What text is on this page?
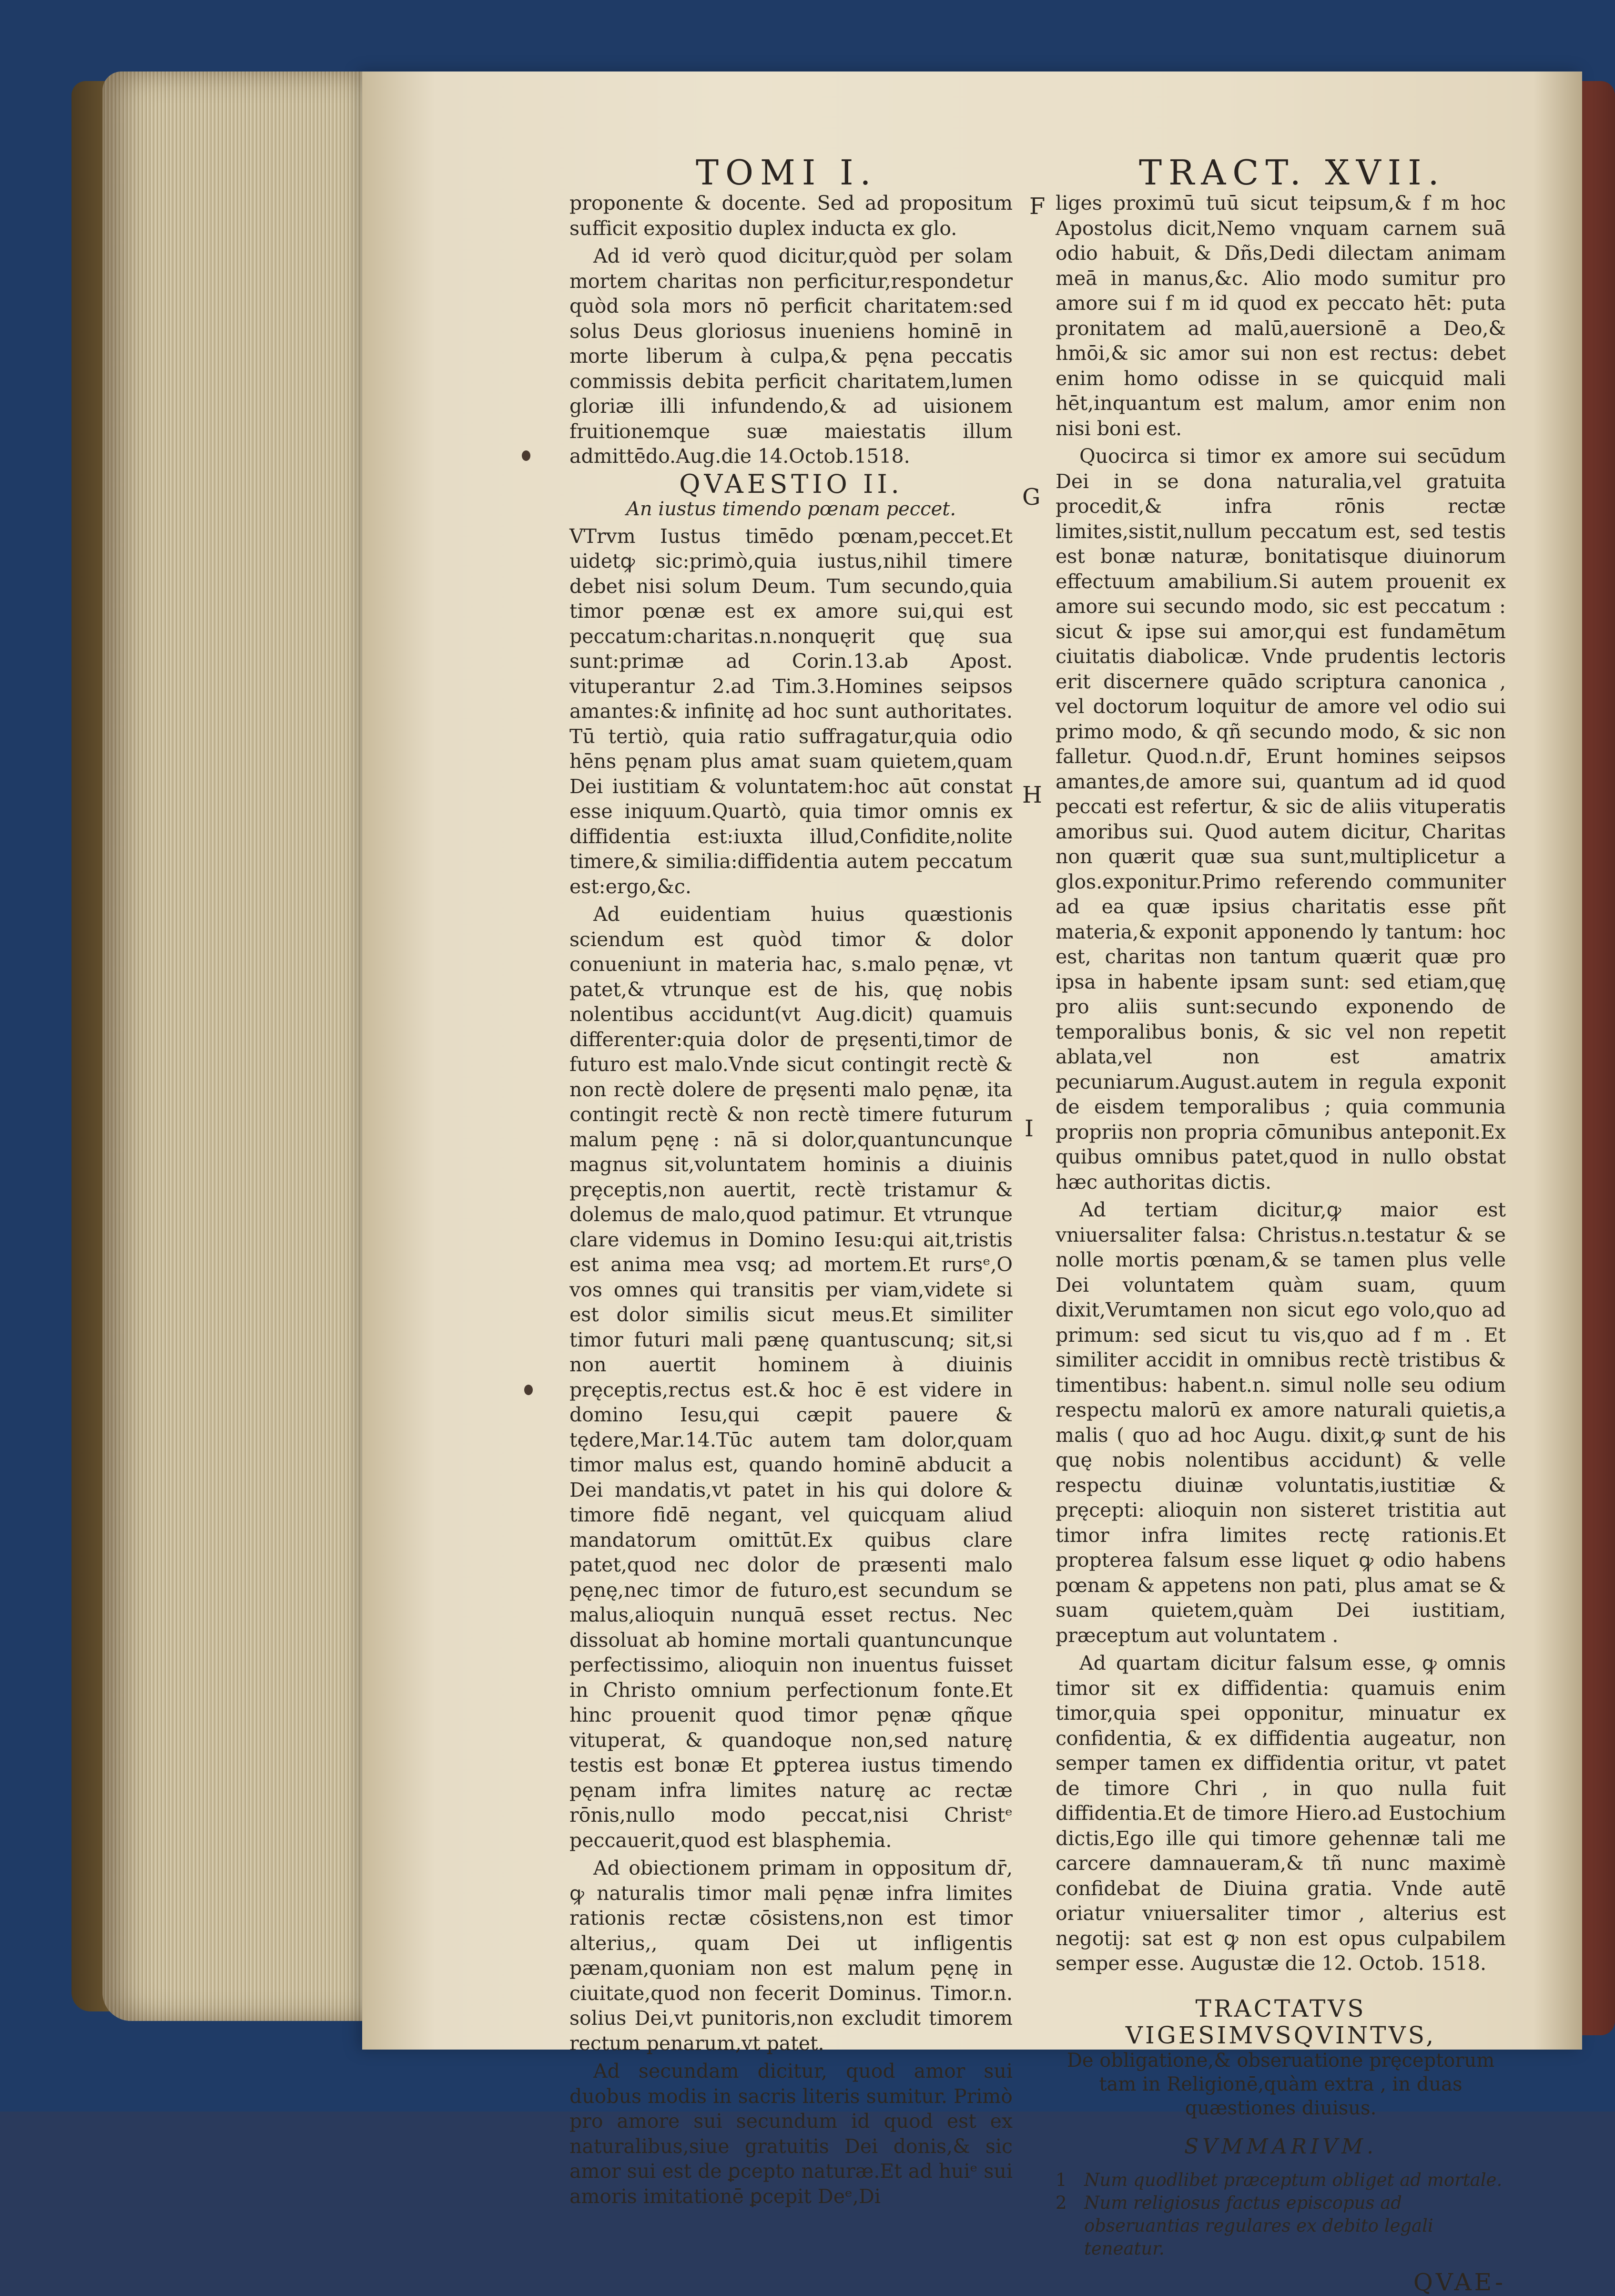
TOMI I.	TRACT. XVII.

proponente & docente. Sed ad propositum sufficit expositio duplex inducta ex glo.

Ad id verò quod dicitur,quòd per solam mortem charitas non perficitur,respondetur quòd sola mors nō perficit charitatem:sed solus Deus gloriosus inueniens hominē in morte liberum à culpa,& pęna peccatis commissis debita perficit charitatem,lumen gloriæ illi infundendo,& ad uisionem fruitionemque suæ maiestatis illum admittēdo.Aug.die 14.Octob.1518.

QVAESTIO II.
An iustus timendo pœnam peccet.

VTrvm Iustus timēdo pœnam,peccet.Et uidetꝙ sic:primò,quia iustus,nihil timere debet nisi solum Deum. Tum secundo,quia timor pœnæ est ex amore sui,qui est peccatum:charitas.n.nonquęrit quę sua sunt:primæ ad Corin.13.ab Apost. vituperantur 2.ad Tim.3.Homines seipsos amantes:& infinitę ad hoc sunt authoritates. Tū tertiò, quia ratio suffragatur,quia odio hēns pęnam plus amat suam quietem,quam Dei iustitiam & voluntatem:hoc aūt constat esse iniquum.Quartò, quia timor omnis ex diffidentia est:iuxta illud,Confidite,nolite timere,& similia:diffidentia autem peccatum est:ergo,&c.

Ad euidentiam huius quæstionis sciendum est quòd timor & dolor conueniunt in materia hac, s.malo pęnæ, vt patet,& vtrunque est de his, quę nobis nolentibus accidunt(vt Aug.dicit) quamuis differenter:quia dolor de pręsenti,timor de futuro est malo.Vnde sicut contingit rectè & non rectè dolere de pręsenti malo pęnæ, ita contingit rectè & non rectè timere futurum malum pęnę : nā si dolor,quantuncunque magnus sit,voluntatem hominis a diuinis pręceptis,non auertit, rectè tristamur & dolemus de malo,quod patimur. Et vtrunque clare videmus in Domino Iesu:qui ait,tristis est anima mea vsq; ad mortem.Et rursᵉ,O vos omnes qui transitis per viam,videte si est dolor similis sicut meus.Et similiter timor futuri mali pænę quantuscunq; sit,si non auertit hominem à diuinis pręceptis,rectus est.& hoc ē est videre in domino Iesu,qui cæpit pauere & tędere,Mar.14.Tūc autem tam dolor,quam timor malus est, quando hominē abducit a Dei mandatis,vt patet in his qui dolore & timore fidē negant, vel quicquam aliud mandatorum omittūt.Ex quibus clare patet,quod nec dolor de præsenti malo pęnę,nec timor de futuro,est secundum se malus,alioquin nunquā esset rectus. Nec dissoluat ab homine mortali quantuncunque perfectissimo, alioquin non inuentus fuisset in Christo omnium perfectionum fonte.Et hinc prouenit quod timor pęnæ qñque vituperat, & quandoque non,sed naturę testis est bonæ Et ꝑpterea iustus timendo pęnam infra limites naturę ac rectæ rōnis,nullo modo peccat,nisi Christᵉ peccauerit,quod est blasphemia.

Ad obiectionem primam in oppositum dr̄, ꝙ naturalis timor mali pęnæ infra limites rationis rectæ cōsistens,non est timor alterius,, quam Dei ut infligentis pænam,quoniam non est malum pęnę in ciuitate,quod non fecerit Dominus. Timor.n. solius Dei,vt punitoris,non excludit timorem rectum penarum,vt patet.

Ad secundam dicitur, quod amor sui duobus modis in sacris literis sumitur. Primò pro amore sui secundum id quod est ex naturalibus,siue gratuitis Dei donis,& sic amor sui est de ꝑcepto naturæ.Et ad huiᵉ sui amoris imitationē ꝑcepit Deᵉ,Di

F
G
H
I

liges proximū tuū sicut teipsum,& f m hoc Apostolus dicit,Nemo vnquam carnem suā odio habuit, & Dñs,Dedi dilectam animam meā in manus,&c. Alio modo sumitur pro amore sui f m id quod ex peccato hēt: puta pronitatem ad malū,auersionē a Deo,& hmōi,& sic amor sui non est rectus: debet enim homo odisse in se quicquid mali hēt,inquantum est malum, amor enim non nisi boni est.

Quocirca si timor ex amore sui secūdum Dei in se dona naturalia,vel gratuita procedit,& infra rōnis rectæ limites,sistit,nullum peccatum est, sed testis est bonæ naturæ, bonitatisque diuinorum effectuum amabilium.Si autem prouenit ex amore sui secundo modo, sic est peccatum : sicut & ipse sui amor,qui est fundamētum ciuitatis diabolicæ. Vnde prudentis lectoris erit discernere quādo scriptura canonica , vel doctorum loquitur de amore vel odio sui primo modo, & qñ secundo modo, & sic non falletur. Quod.n.dr̄, Erunt homines seipsos amantes,de amore sui, quantum ad id quod peccati est refertur, & sic de aliis vituperatis amoribus sui. Quod autem dicitur, Charitas non quærit quæ sua sunt,multiplicetur a glos.exponitur.Primo referendo communiter ad ea quæ ipsius charitatis esse pñt materia,& exponit apponendo ly tantum: hoc est, charitas non tantum quærit quæ pro ipsa in habente ipsam sunt: sed etiam,quę pro aliis sunt:secundo exponendo de temporalibus bonis, & sic vel non repetit ablata,vel non est amatrix pecuniarum.August.autem in regula exponit de eisdem temporalibus ; quia communia propriis non propria cōmunibus anteponit.Ex quibus omnibus patet,quod in nullo obstat hæc authoritas dictis.

Ad tertiam dicitur,ꝙ maior est vniuersaliter falsa: Christus.n.testatur & se nolle mortis pœnam,& se tamen plus velle Dei voluntatem quàm suam, quum dixit,Verumtamen non sicut ego volo,quo ad primum: sed sicut tu vis,quo ad f m . Et similiter accidit in omnibus rectè tristibus & timentibus: habent.n. simul nolle seu odium respectu malorū ex amore naturali quietis,a malis ( quo ad hoc Augu. dixit,ꝙ sunt de his quę nobis nolentibus accidunt) & velle respectu diuinæ voluntatis,iustitiæ & pręcepti: alioquin non sisteret tristitia aut timor infra limites rectę rationis.Et propterea falsum esse liquet ꝙ odio habens pœnam & appetens non pati, plus amat se & suam quietem,quàm Dei iustitiam, præceptum aut voluntatem .

Ad quartam dicitur falsum esse, ꝙ omnis timor sit ex diffidentia: quamuis enim timor,quia spei opponitur, minuatur ex confidentia, & ex diffidentia augeatur, non semper tamen ex diffidentia oritur, vt patet de timore Chri , in quo nulla fuit diffidentia.Et de timore Hiero.ad Eustochium dictis,Ego ille qui timore gehennæ tali me carcere damnaueram,& tñ nunc maximè confidebat de Diuina gratia. Vnde autē oriatur vniuersaliter timor , alterius est negotij: sat est ꝙ non est opus culpabilem semper esse. Augustæ die 12. Octob. 1518.

TRACTATVS VIGESIMVSQVINTVS,
De obligatione,& obseruatione pręceptorum tam in Religionē,quàm extra , in duas quæstiones diuisus.
SVMMARIVM.
1 Num quodlibet præceptum obliget ad mortale.
2 Num religiosus factus episcopus ad obseruantias regulares ex debito legali teneatur.
QVAE-
